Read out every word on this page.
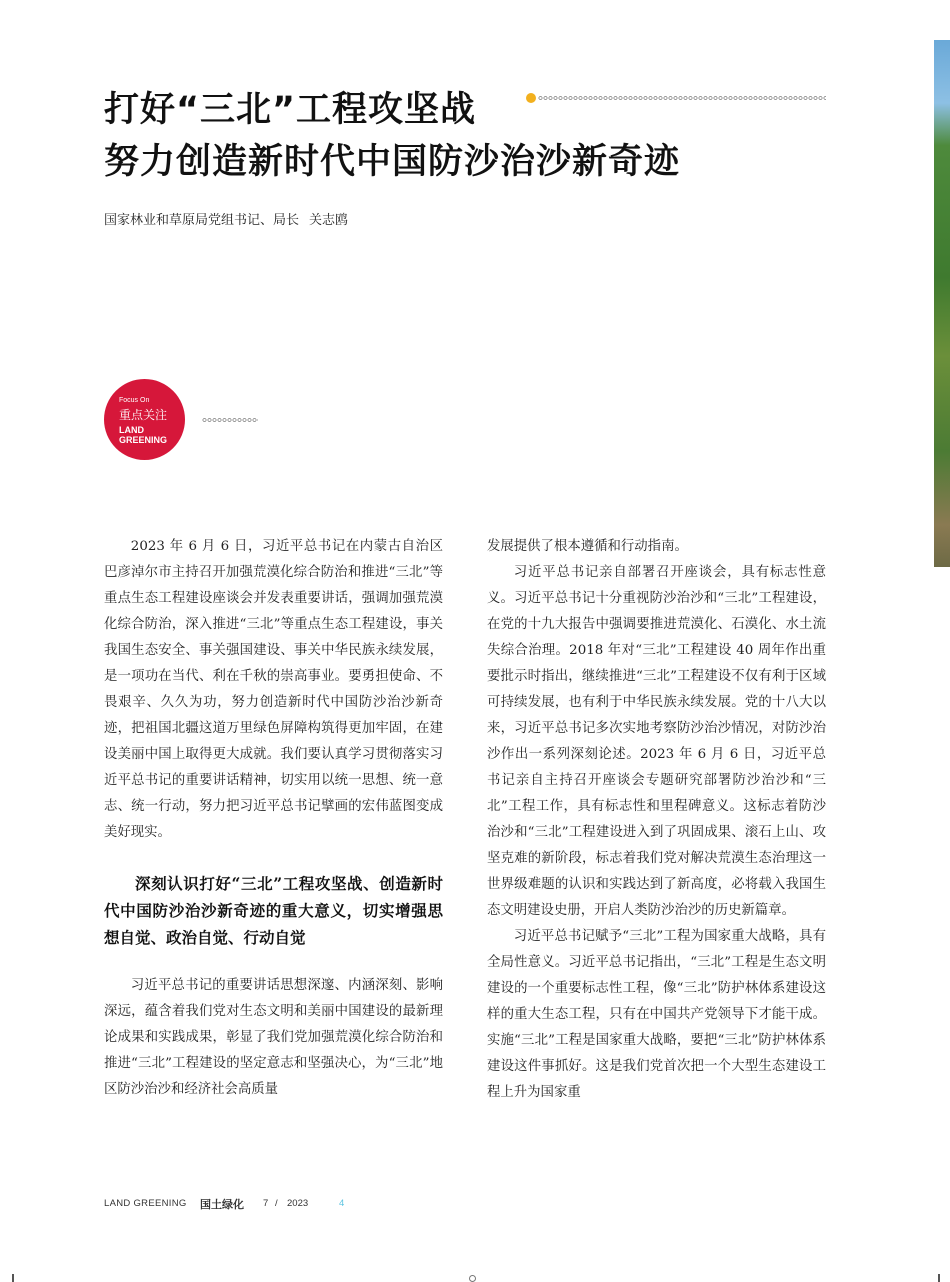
打好“三北”工程攻坚战
努力创造新时代中国防沙治沙新奇迹

国家林业和草原局党组书记、局长 关志鸥

Focus On
重点关注
LAND GREENING

2023 年 6 月 6 日，习近平总书记在内蒙古自治区巴彦淖尔市主持召开加强荒漠化综合防治和推进“三北”等重点生态工程建设座谈会并发表重要讲话，强调加强荒漠化综合防治，深入推进“三北”等重点生态工程建设，事关我国生态安全、事关强国建设、事关中华民族永续发展，是一项功在当代、利在千秋的崇高事业。要勇担使命、不畏艰辛、久久为功，努力创造新时代中国防沙治沙新奇迹，把祖国北疆这道万里绿色屏障构筑得更加牢固，在建设美丽中国上取得更大成就。我们要认真学习贯彻落实习近平总书记的重要讲话精神，切实用以统一思想、统一意志、统一行动，努力把习近平总书记擘画的宏伟蓝图变成美好现实。

深刻认识打好“三北”工程攻坚战、创造新时代中国防沙治沙新奇迹的重大意义，切实增强思想自觉、政治自觉、行动自觉

习近平总书记的重要讲话思想深邃、内涵深刻、影响深远，蕴含着我们党对生态文明和美丽中国建设的最新理论成果和实践成果，彰显了我们党加强荒漠化综合防治和推进“三北”工程建设的坚定意志和坚强决心，为“三北”地区防沙治沙和经济社会高质量

发展提供了根本遵循和行动指南。

习近平总书记亲自部署召开座谈会，具有标志性意义。习近平总书记十分重视防沙治沙和“三北”工程建设，在党的十九大报告中强调要推进荒漠化、石漠化、水土流失综合治理。2018 年对“三北”工程建设 40 周年作出重要批示时指出，继续推进“三北”工程建设不仅有利于区域可持续发展，也有利于中华民族永续发展。党的十八大以来，习近平总书记多次实地考察防沙治沙情况，对防沙治沙作出一系列深刻论述。2023 年 6 月 6 日，习近平总书记亲自主持召开座谈会专题研究部署防沙治沙和“三北”工程工作，具有标志性和里程碑意义。这标志着防沙治沙和“三北”工程建设进入到了巩固成果、滚石上山、攻坚克难的新阶段，标志着我们党对解决荒漠生态治理这一世界级难题的认识和实践达到了新高度，必将载入我国生态文明建设史册，开启人类防沙治沙的历史新篇章。

习近平总书记赋予“三北”工程为国家重大战略，具有全局性意义。习近平总书记指出，“三北”工程是生态文明建设的一个重要标志性工程，像“三北”防护林体系建设这样的重大生态工程，只有在中国共产党领导下才能干成。实施“三北”工程是国家重大战略，要把“三北”防护林体系建设这件事抓好。这是我们党首次把一个大型生态建设工程上升为国家重

LAND GREENING 国土绿化 7 / 2023	4
